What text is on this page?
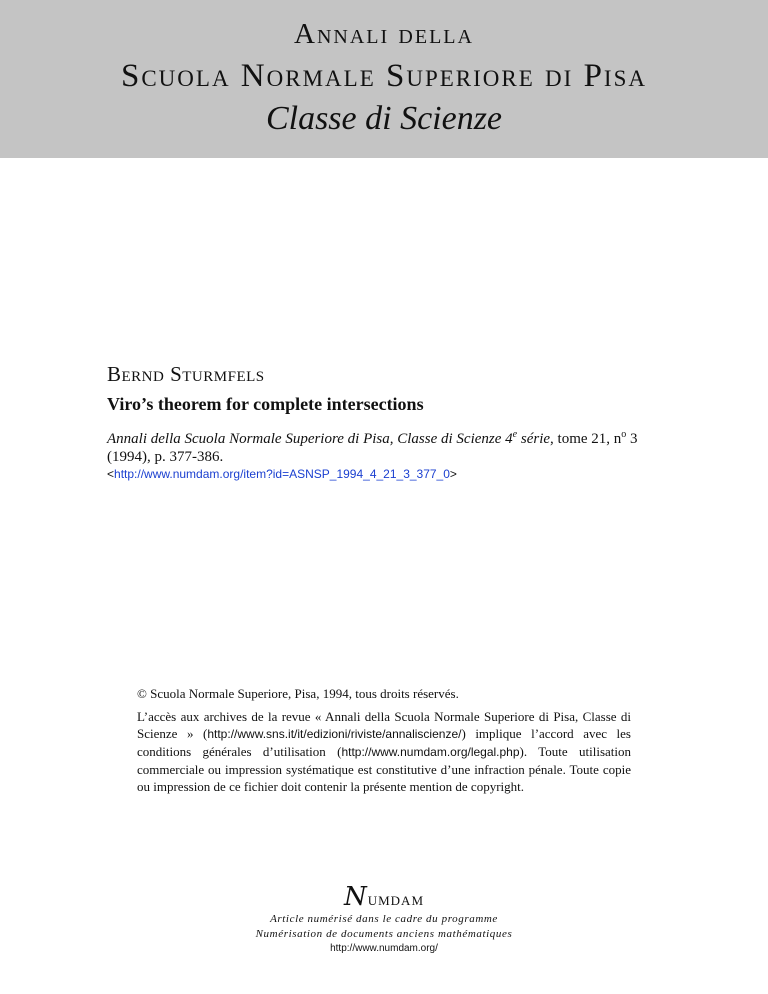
Annali della
Scuola Normale Superiore di Pisa
Classe di Scienze
Bernd Sturmfels
Viro’s theorem for complete intersections
Annali della Scuola Normale Superiore di Pisa, Classe di Scienze 4e série, tome 21, $n^o$ 3
(1994), p. 377-386.
<http://www.numdam.org/item?id=ASNSP_1994_4_21_3_377_0>
© Scuola Normale Superiore, Pisa, 1994, tous droits réservés.
L’accès aux archives de la revue « Annali della Scuola Normale Superiore di Pisa, Classe di Scienze » (http://www.sns.it/it/edizioni/riviste/annaliscienze/) implique l’accord avec les conditions générales d’utilisation (http://www.numdam.org/legal.php). Toute utilisation commerciale ou impression systématique est constitutive d’une infraction pénale. Toute copie ou impression de ce fichier doit contenir la présente mention de copyright.
Numdam
Article numérisé dans le cadre du programme
Numérisation de documents anciens mathématiques
http://www.numdam.org/
